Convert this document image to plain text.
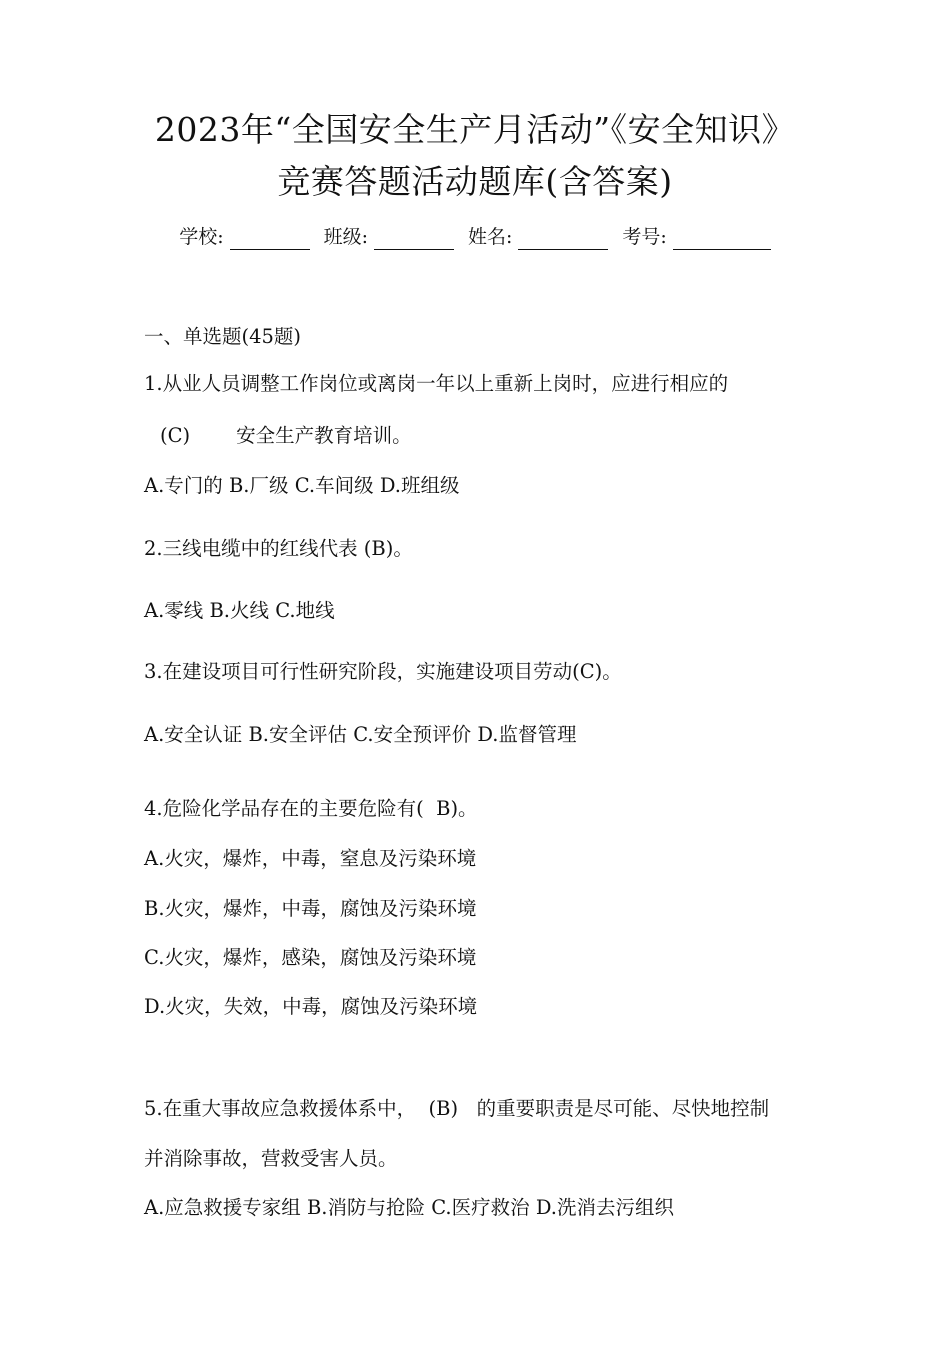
2023年“全国安全生产月活动”《安全知识》
竞赛答题活动题库(含答案)
学校:	班级:	姓名:	考号:
一、单选题(45题)
1.从业人员调整工作岗位或离岗一年以上重新上岗时，应进行相应的
(C) 安全生产教育培训。
A.专门的 B.厂级 C.车间级 D.班组级
2.三线电缆中的红线代表 (B)。
A.零线 B.火线 C.地线
3.在建设项目可行性研究阶段，实施建设项目劳动(C)。
A.安全认证 B.安全评估 C.安全预评价 D.监督管理
4.危险化学品存在的主要危险有(  B)。
A.火灾，爆炸，中毒，窒息及污染环境
B.火灾，爆炸，中毒，腐蚀及污染环境
C.火灾，爆炸，感染，腐蚀及污染环境
D.火灾，失效，中毒，腐蚀及污染环境
5.在重大事故应急救援体系中，  (B)   的重要职责是尽可能、尽快地控制
并消除事故，营救受害人员。
A.应急救援专家组 B.消防与抢险 C.医疗救治 D.洗消去污组织
